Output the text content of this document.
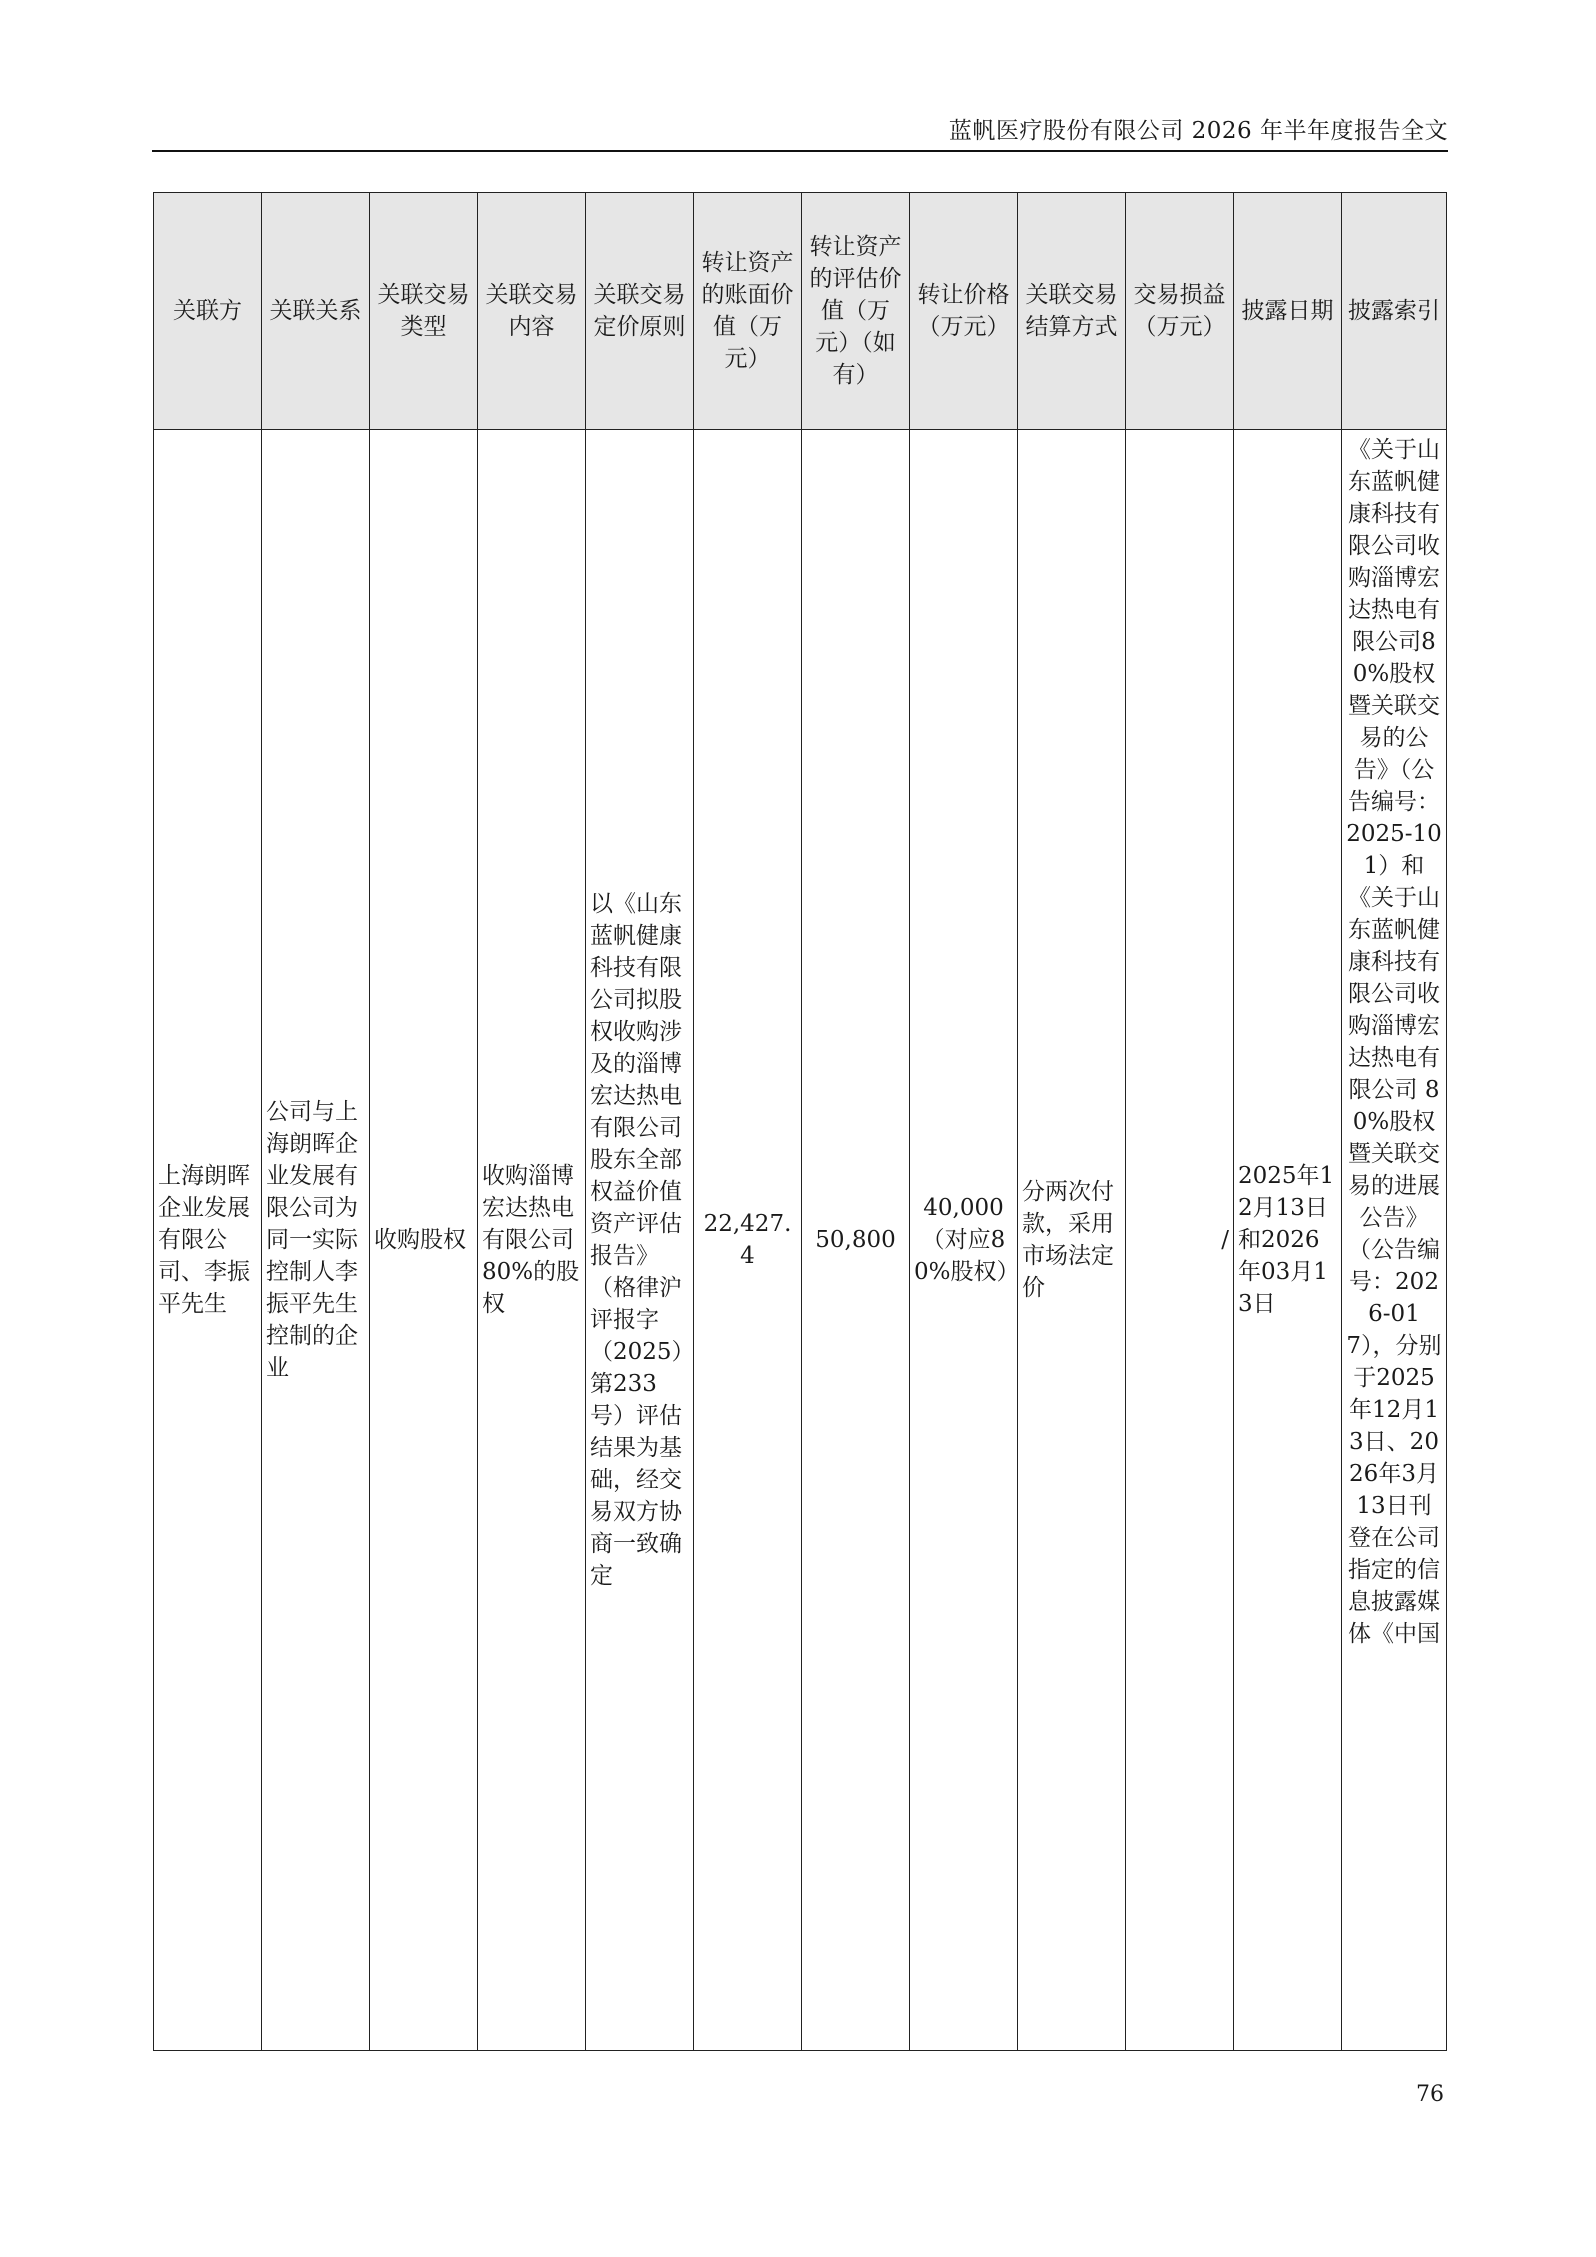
蓝帆医疗股份有限公司 2026 年半年度报告全文
关联方	关联关系	关联交易类型	关联交易内容	关联交易定价原则	转让资产的账面价值（万元）	转让资产的评估价值（万元）（如有）	转让价格（万元）	关联交易结算方式	交易损益（万元）	披露日期	披露索引
上海朗晖企业发展有限公司、李振平先生	公司与上海朗晖企业发展有限公司为同一实际控制人李振平先生控制的企业	收购股权	收购淄博宏达热电有限公司80%的股权	以《山东蓝帆健康科技有限公司拟股权收购涉及的淄博宏达热电有限公司股东全部权益价值资产评估报告》（格律沪评报字（2025）第233号）评估结果为基础，经交易双方协商一致确定	22,427.4	50,800	40,000（对应80%股权）	分两次付款，采用市场法定价	/	2025年12月13日和2026年03月13日	《关于山东蓝帆健康科技有限公司收购淄博宏达热电有限公司80%股权暨关联交易的公告》（公告编号：2025-101）和《关于山东蓝帆健康科技有限公司收购淄博宏达热电有限公司 80%股权暨关联交易的进展公告》（公告编号：2026-017），分别于2025年12月13日、2026年3月13日刊登在公司指定的信息披露媒体《中国
76
